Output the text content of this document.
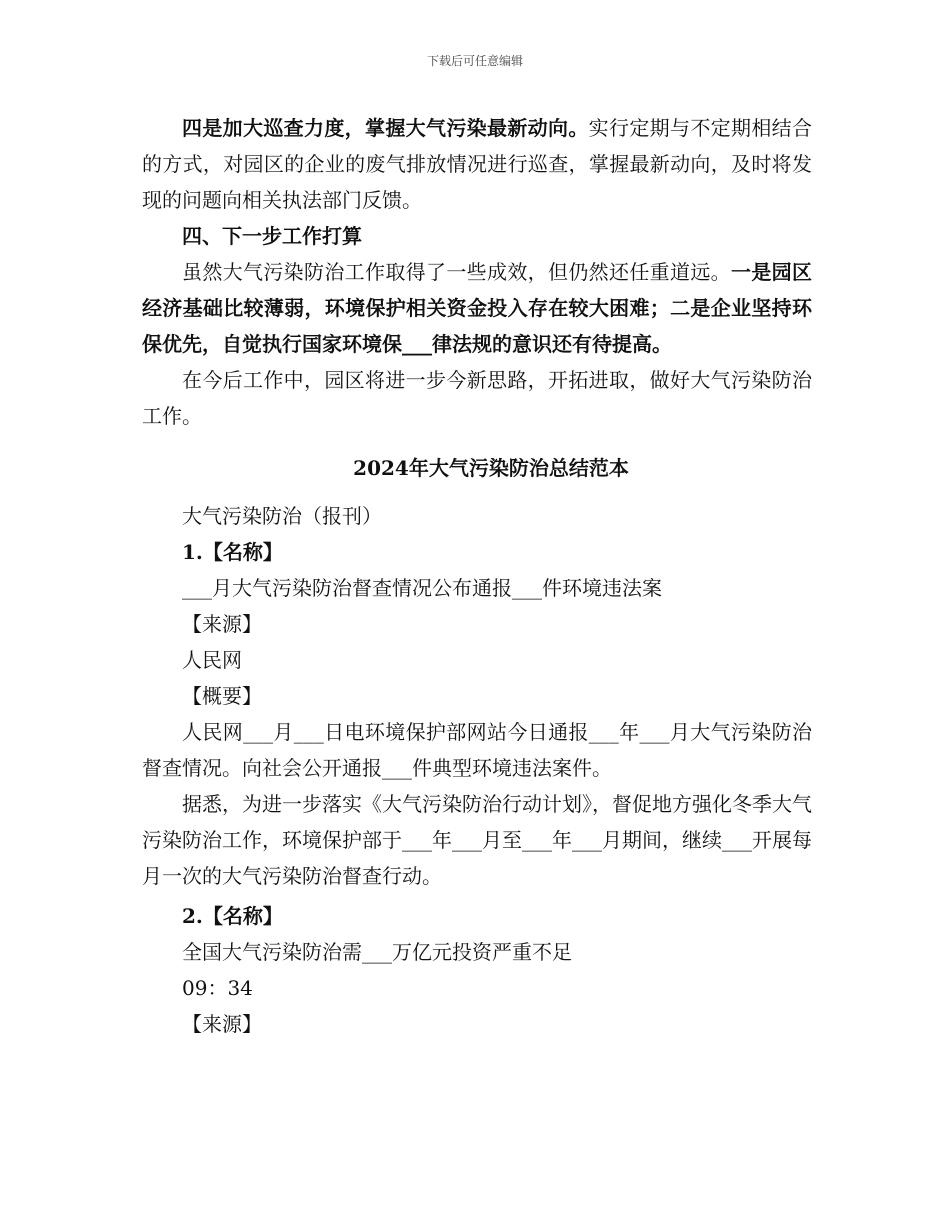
下载后可任意编辑

四是加大巡查力度，掌握大气污染最新动向。实行定期与不定期相结合的方式，对园区的企业的废气排放情况进行巡查，掌握最新动向，及时将发现的问题向相关执法部门反馈。

四、下一步工作打算

虽然大气污染防治工作取得了一些成效，但仍然还任重道远。一是园区经济基础比较薄弱，环境保护相关资金投入存在较大困难；二是企业坚持环保优先，自觉执行国家环境保___律法规的意识还有待提高。

在今后工作中，园区将进一步今新思路，开拓进取，做好大气污染防治工作。

2024年大气污染防治总结范本

大气污染防治（报刊）

1.【名称】

___月大气污染防治督查情况公布通报___件环境违法案

【来源】

人民网

【概要】

人民网___月___日电环境保护部网站今日通报___年___月大气污染防治督查情况。向社会公开通报___件典型环境违法案件。

据悉，为进一步落实《大气污染防治行动计划》，督促地方强化冬季大气污染防治工作，环境保护部于___年___月至___年___月期间，继续___开展每月一次的大气污染防治督查行动。

2.【名称】

全国大气污染防治需___万亿元投资严重不足

09：34

【来源】
